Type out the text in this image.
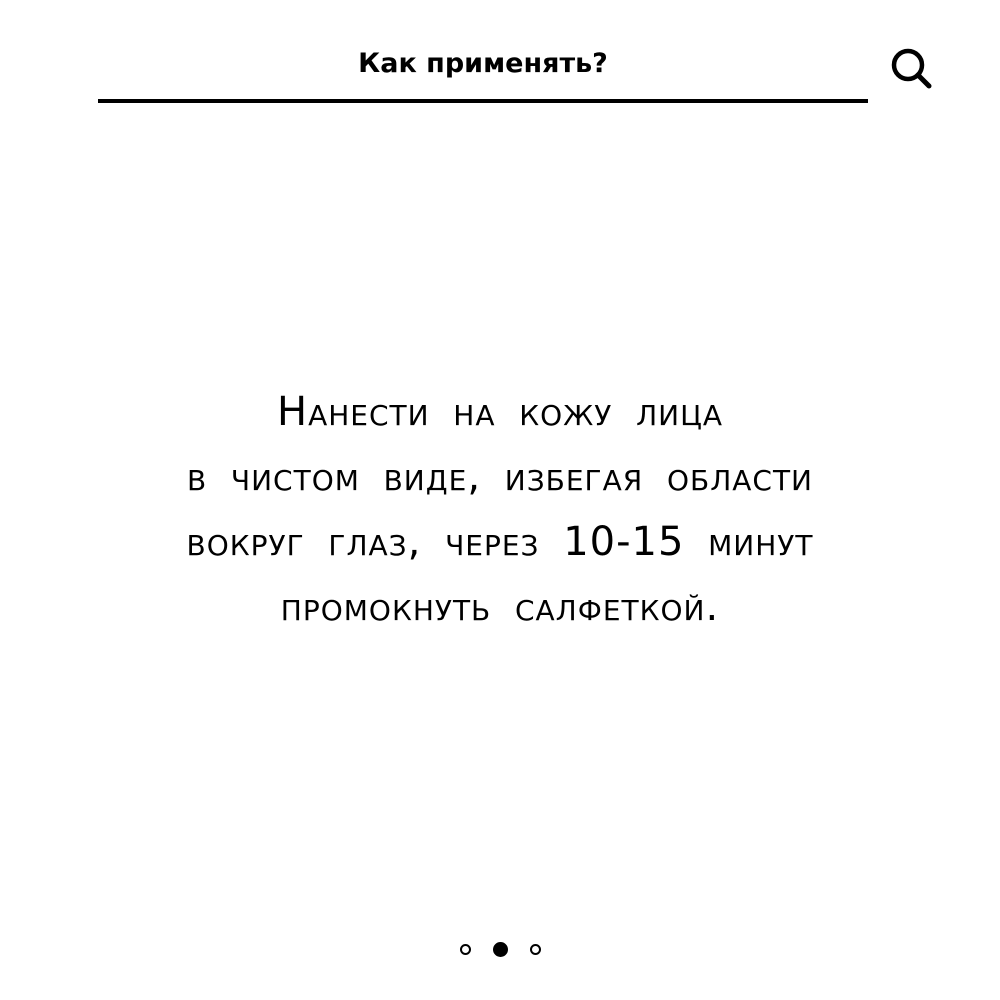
Как применять?
Нанести на кожу лица
в чистом виде, избегая области
вокруг глаз, через 10-15 минут
промокнуть салфеткой.
